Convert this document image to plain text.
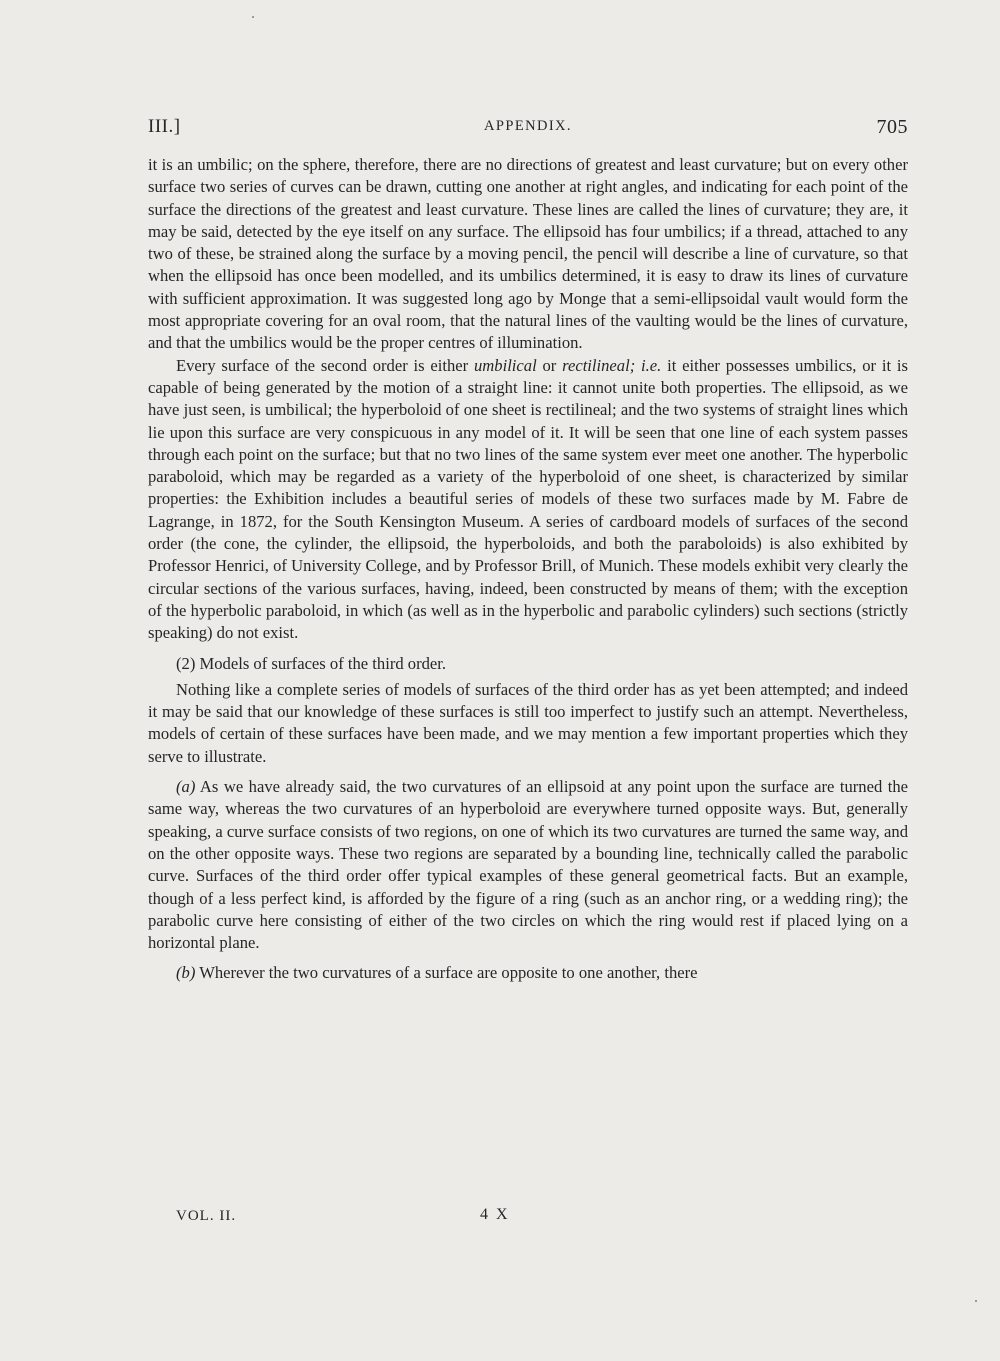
III.]	APPENDIX.	705

it is an umbilic; on the sphere, therefore, there are no directions of greatest and least curvature; but on every other surface two series of curves can be drawn, cutting one another at right angles, and indicating for each point of the surface the directions of the greatest and least curvature. These lines are called the lines of curvature; they are, it may be said, detected by the eye itself on any surface. The ellipsoid has four umbilics; if a thread, attached to any two of these, be strained along the surface by a moving pencil, the pencil will describe a line of curvature, so that when the ellipsoid has once been modelled, and its umbilics determined, it is easy to draw its lines of curvature with sufficient approximation. It was suggested long ago by Monge that a semi-ellipsoidal vault would form the most appropriate covering for an oval room, that the natural lines of the vaulting would be the lines of curvature, and that the umbilics would be the proper centres of illumination.

Every surface of the second order is either umbilical or rectilineal; i.e. it either possesses umbilics, or it is capable of being generated by the motion of a straight line: it cannot unite both properties. The ellipsoid, as we have just seen, is umbilical; the hyperboloid of one sheet is rectilineal; and the two systems of straight lines which lie upon this surface are very conspicuous in any model of it. It will be seen that one line of each system passes through each point on the surface; but that no two lines of the same system ever meet one another. The hyperbolic paraboloid, which may be regarded as a variety of the hyperboloid of one sheet, is characterized by similar properties: the Exhibition includes a beautiful series of models of these two surfaces made by M. Fabre de Lagrange, in 1872, for the South Kensington Museum. A series of cardboard models of surfaces of the second order (the cone, the cylinder, the ellipsoid, the hyperboloids, and both the paraboloids) is also exhibited by Professor Henrici, of University College, and by Professor Brill, of Munich. These models exhibit very clearly the circular sections of the various surfaces, having, indeed, been constructed by means of them; with the exception of the hyperbolic paraboloid, in which (as well as in the hyperbolic and parabolic cylinders) such sections (strictly speaking) do not exist.

(2) Models of surfaces of the third order.

Nothing like a complete series of models of surfaces of the third order has as yet been attempted; and indeed it may be said that our knowledge of these surfaces is still too imperfect to justify such an attempt. Nevertheless, models of certain of these surfaces have been made, and we may mention a few important properties which they serve to illustrate.

(a) As we have already said, the two curvatures of an ellipsoid at any point upon the surface are turned the same way, whereas the two curvatures of an hyperboloid are everywhere turned opposite ways. But, generally speaking, a curve surface consists of two regions, on one of which its two curvatures are turned the same way, and on the other opposite ways. These two regions are separated by a bounding line, technically called the parabolic curve. Surfaces of the third order offer typical examples of these general geometrical facts. But an example, though of a less perfect kind, is afforded by the figure of a ring (such as an anchor ring, or a wedding ring); the parabolic curve here consisting of either of the two circles on which the ring would rest if placed lying on a horizontal plane.

(b) Wherever the two curvatures of a surface are opposite to one another, there

VOL. II.	4 X
